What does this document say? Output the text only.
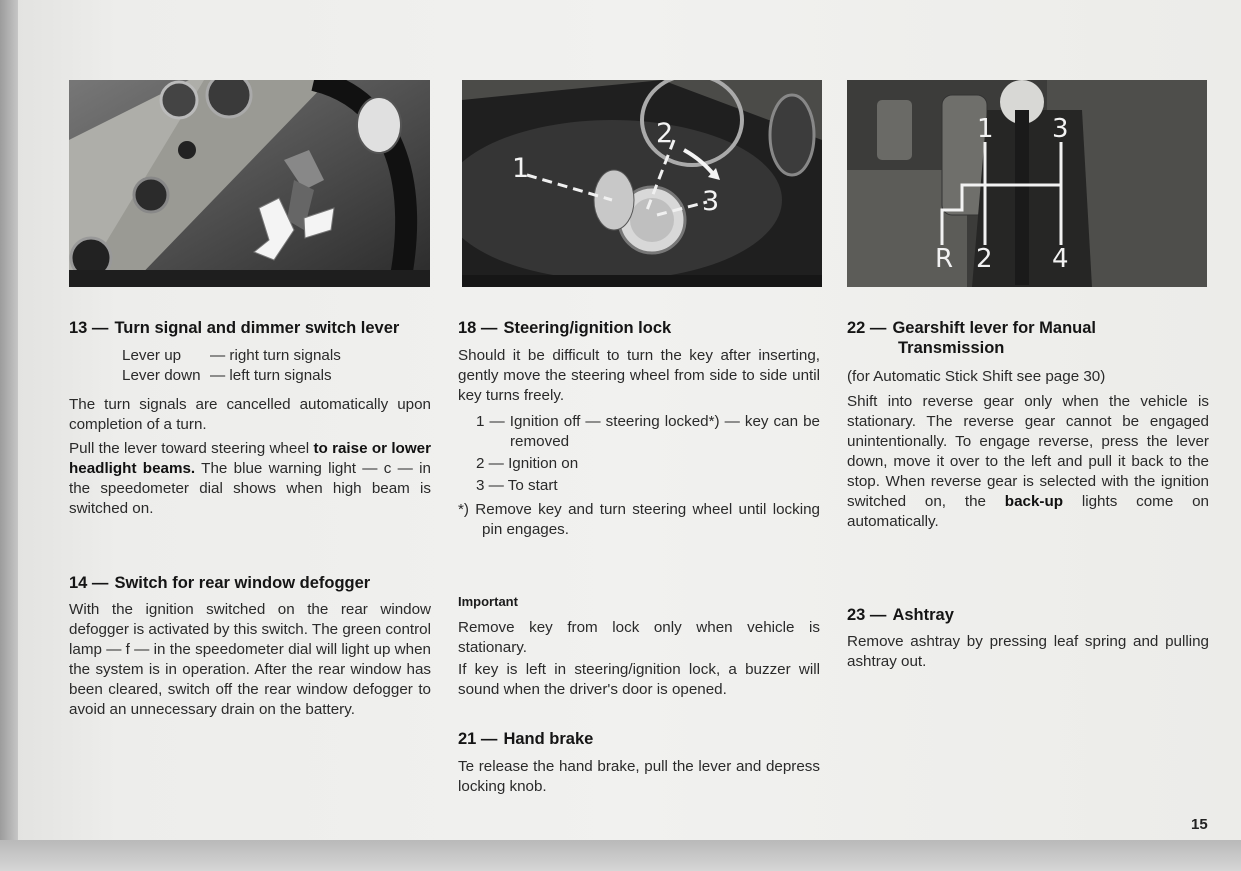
1
2
3
1 3
R 2 4
13 — Turn signal and dimmer switch lever
Lever up	— right turn signals
Lever down — left turn signals

The turn signals are cancelled automatically upon completion of a turn.

Pull the lever toward steering wheel to raise or lower headlight beams. The blue warning light — c — in the speedometer dial shows when high beam is switched on.

14 — Switch for rear window defogger

With the ignition switched on the rear window defogger is activated by this switch. The green control lamp — f — in the speedometer dial will light up when the system is in operation. After the rear window has been cleared, switch off the rear window defogger to avoid an unnecessary drain on the battery.

18 — Steering/ignition lock

Should it be difficult to turn the key after inserting, gently move the steering wheel from side to side until key turns freely.

1 — Ignition off — steering locked*) — key can be removed

2 — Ignition on

3 — To start

*) Remove key and turn steering wheel until locking pin engages.

Important

Remove key from lock only when vehicle is stationary.

If key is left in steering/ignition lock, a buzzer will sound when the driver's door is opened.

21 — Hand brake

Te release the hand brake, pull the lever and depress locking knob.

22 — Gearshift lever for Manual
Transmission

(for Automatic Stick Shift see page 30)

Shift into reverse gear only when the vehicle is stationary. The reverse gear cannot be engaged unintentionally. To engage reverse, press the lever down, move it over to the left and pull it back to the stop. When reverse gear is selected with the ignition switched on, the back-up lights come on automatically.

23 — Ashtray

Remove ashtray by pressing leaf spring and pulling ashtray out.

15
